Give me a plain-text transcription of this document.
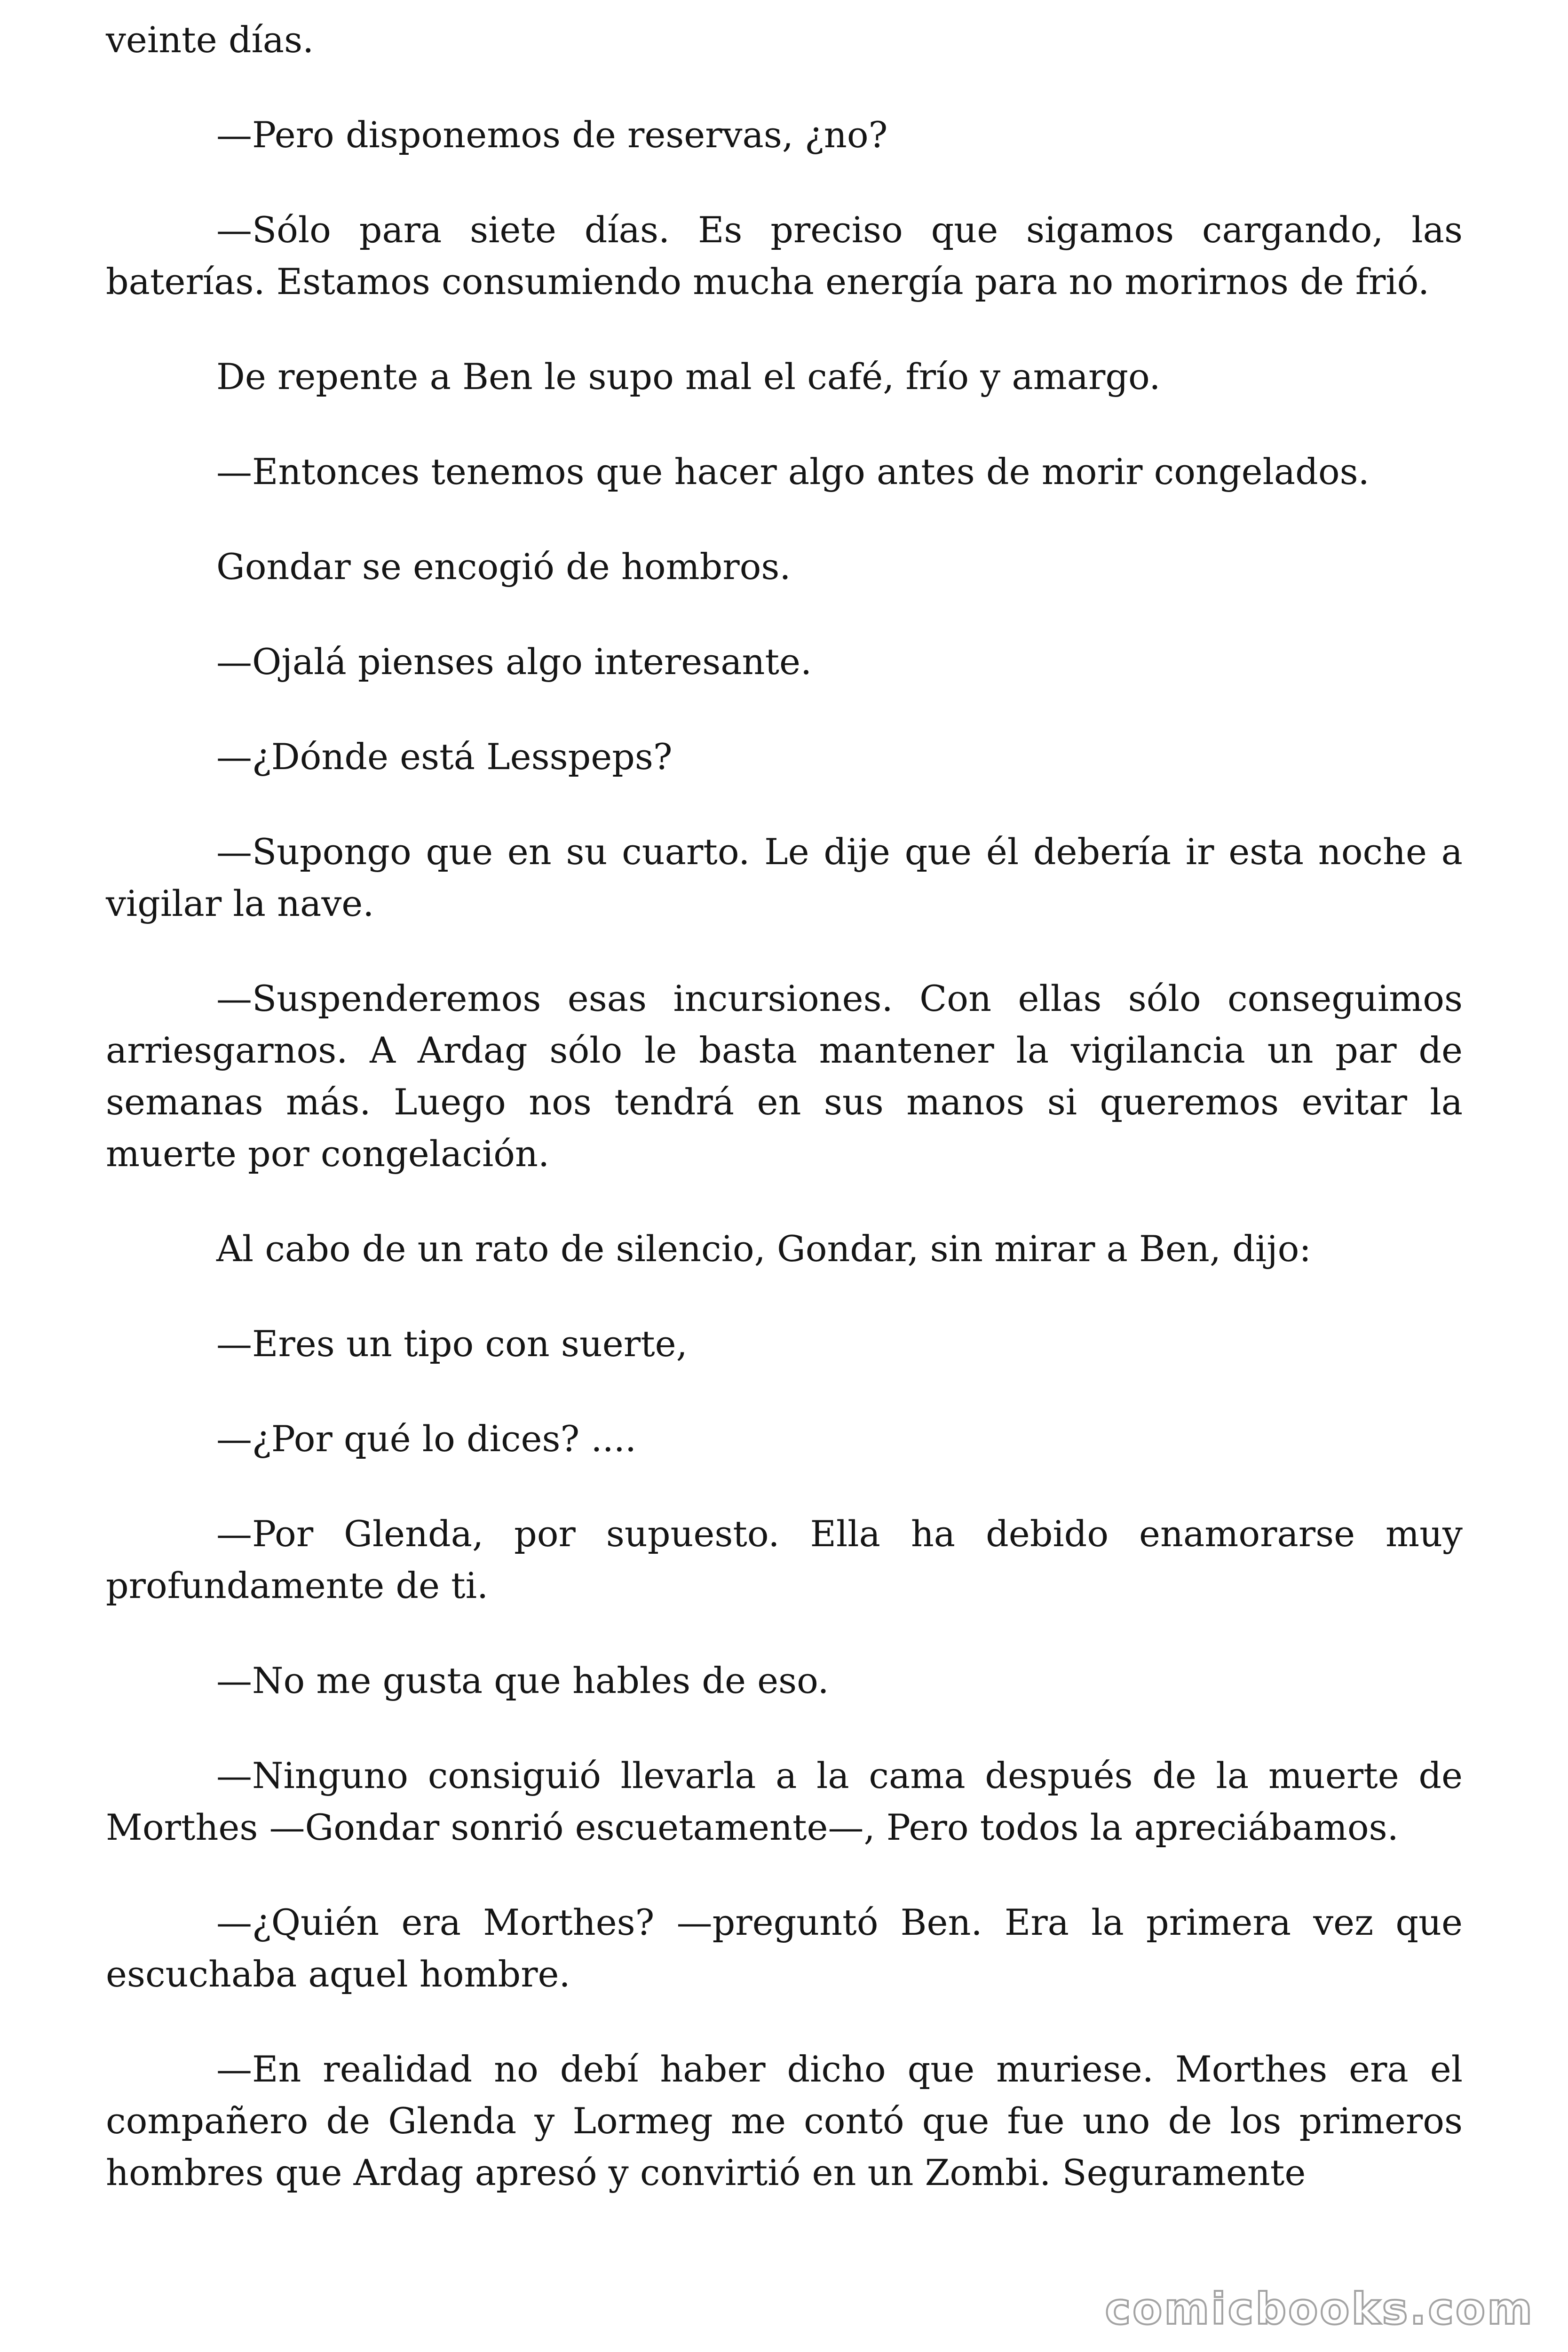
veinte días.

—Pero disponemos de reservas, ¿no?

—Sólo para siete días. Es preciso que sigamos cargando, las baterías. Estamos consumiendo mucha energía para no morirnos de frió.

De repente a Ben le supo mal el café, frío y amargo.

—Entonces tenemos que hacer algo antes de morir congelados.

Gondar se encogió de hombros.

—Ojalá pienses algo interesante.

—¿Dónde está Lesspeps?

—Supongo que en su cuarto. Le dije que él debería ir esta noche a vigilar la nave.

—Suspenderemos esas incursiones. Con ellas sólo conseguimos arriesgarnos. A Ardag sólo le basta mantener la vigilancia un par de semanas más. Luego nos tendrá en sus manos si queremos evitar la muerte por congelación.

Al cabo de un rato de silencio, Gondar, sin mirar a Ben, dijo:

—Eres un tipo con suerte,

—¿Por qué lo dices? ....

—Por Glenda, por supuesto. Ella ha debido enamorarse muy profundamente de ti.

—No me gusta que hables de eso.

—Ninguno consiguió llevarla a la cama después de la muerte de Morthes —Gondar sonrió escuetamente—, Pero todos la apreciábamos.

—¿Quién era Morthes? —preguntó Ben. Era la primera vez que escuchaba aquel hombre.

—En realidad no debí haber dicho que muriese. Morthes era el compañero de Glenda y Lormeg me contó que fue uno de los primeros hombres que Ardag apresó y convirtió en un Zombi. Seguramente

comicbooks.com
